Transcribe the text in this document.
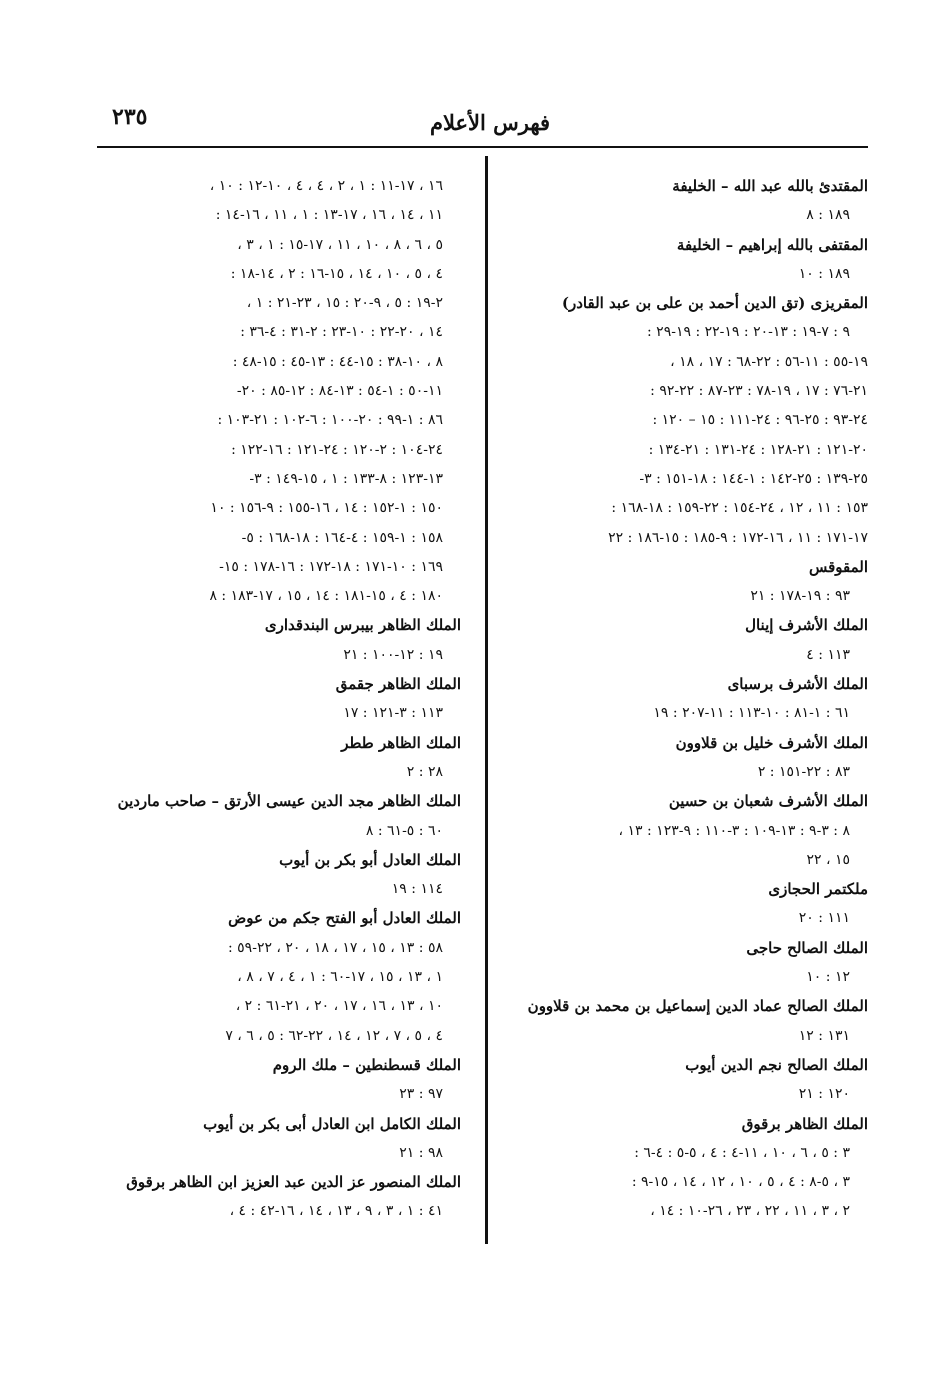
٢٣٥	فهرس الأعلام
المقتدئ بالله عبد الله – الخليفة
١٨٩ : ٨
المقتفى بالله إبراهيم – الخليفة
١٨٩ : ١٠
المقريزى (تق الدين أحمد بن على بن عبد القادر)
٩ : ٧-١٩ : ١٣-٢٠ : ١٩-٢٢ : ١٩-٢٩ :
١٩-٥٥ : ١١-٥٦ : ٢٢-٦٨ : ١٧ ، ١٨ ،
٢١-٧٦ : ١٧ ، ١٩-٧٨ : ٢٣-٨٧ : ٢٢-٩٢ :
٢٤-٩٣ : ٢٥-٩٦ : ٢٤-١١١ : ١٥ – ١٢٠ :
٢٠-١٢١ : ٢١-١٢٨ : ٢٤-١٣١ : ٢١-١٣٤ :
٢٥-١٣٩ : ٢٥-١٤٢ : ١-١٤٤ : ١٨-١٥١ : ٣-
١٥٣ : ١١ ، ١٢ ، ٢٤-١٥٤ : ٢٢-١٥٩ : ١٨-١٦٨ :
١٧-١٧١ : ١١ ، ١٦-١٧٢ : ٩-١٨٥ : ١٥-١٨٦ : ٢٢
المقوقس
٩٣ : ١٩-١٧٨ : ٢١
الملك الأشرف إينال
١١٣ : ٤
الملك الأشرف برسباى
٦١ : ١-٨١ : ١٠-١١٣ : ١١-٢٠٧ : ١٩
الملك الأشرف خليل بن قلاوون
٨٣ : ٢٢-١٥١ : ٢
الملك الأشرف شعبان بن حسين
٨ : ٣-٩ : ١٣-١٠٩ : ٣-١١٠ : ٩-١٢٣ : ١٣ ،
١٥ ، ٢٢
ملكتمر الحجازى
١١١ : ٢٠
الملك الصالح حاجى
١٢ : ١٠
الملك الصالح عماد الدين إسماعيل بن محمد بن قلاوون
١٣١ : ١٢
الملك الصالح نجم الدين أيوب
١٢٠ : ٢١
الملك الظاهر برقوق
٣ : ٥ ، ٦ ، ١٠ ، ١١-٤ : ٤ ، ٥-٥ : ٤-٦ :
٣ ، ٥-٨ : ٤ ، ٥ ، ١٠ ، ١٢ ، ١٤ ، ١٥-٩ :
٢ ، ٣ ، ١١ ، ٢٢ ، ٢٣ ، ٢٦-١٠ : ١٤ ،
١٦ ، ١٧-١١ : ١ ، ٢ ، ٤ ، ٤ ، ١٠-١٢ : ١٠ ،
١١ ، ١٤ ، ١٦ ، ١٧-١٣ : ١ ، ١١ ، ١٦-١٤ :
٥ ، ٦ ، ٨ ، ١٠ ، ١١ ، ١٧-١٥ : ١ ، ٣ ،
٤ ، ٥ ، ١٠ ، ١٤ ، ١٥-١٦ : ٢ ، ١٤-١٨ :
٢-١٩ : ٥ ، ٩-٢٠ : ١٥ ، ٢٣-٢١ : ١ ،
١٤ ، ٢٠-٢٢ : ١٠-٢٣ : ٢-٣١ : ٤-٣٦ :
٨ ، ١٠-٣٨ : ١٥-٤٤ : ١٣-٤٥ : ١٥-٤٨ :
١١-٥٠ : ١-٥٤ : ١٣-٨٤ : ١٢-٨٥ : ٢٠-
٨٦ : ١-٩٩ : ٢٠-١٠٠ : ٦-١٠٢ : ٢١-١٠٣ :
٢٤-١٠٤ : ٢-١٢٠ : ٢٤-١٢١ : ١٦-١٢٢ :
١٣-١٢٣ : ٨-١٣٣ : ١ ، ١٥-١٤٩ : ٣-
١٥٠ : ١-١٥٢ : ١٤ ، ١٦-١٥٥ : ٩-١٥٦ : ١٠
١٥٨ : ١-١٥٩ : ٤-١٦٤ : ١٨-١٦٨ : ٥-
١٦٩ : ١٠-١٧١ : ١٨-١٧٢ : ١٦-١٧٨ : ١٥-
١٨٠ : ٤ ، ١٥-١٨١ : ١٤ ، ١٥ ، ١٧-١٨٣ : ٨
الملك الظاهر بيبرس البندقدارى
١٩ : ١٢-١٠٠ : ٢١
الملك الظاهر جقمق
١١٣ : ٣-١٢١ : ١٧
الملك الظاهر ططر
٢٨ : ٢
الملك الظاهر مجد الدين عيسى الأرتق – صاحب ماردين
٦٠ : ٥-٦١ : ٨
الملك العادل أبو بكر بن أيوب
١١٤ : ١٩
الملك العادل أبو الفتح جكم من عوض
٥٨ : ١٣ ، ١٥ ، ١٧ ، ١٨ ، ٢٠ ، ٢٢-٥٩ :
١ ، ١٣ ، ١٥ ، ١٧-٦٠ : ١ ، ٤ ، ٧ ، ٨ ،
١٠ ، ١٣ ، ١٦ ، ١٧ ، ٢٠ ، ٢١-٦١ : ٢ ،
٤ ، ٥ ، ٧ ، ١٢ ، ١٤ ، ٢٢-٦٢ : ٥ ، ٦ ، ٧
الملك قسطنطين – ملك الروم
٩٧ : ٢٣
الملك الكامل ابن العادل أبى بكر بن أيوب
٩٨ : ٢١
الملك المنصور عز الدين عبد العزيز ابن الظاهر برقوق
٤١ : ١ ، ٣ ، ٩ ، ١٣ ، ١٤ ، ١٦-٤٢ : ٤ ،
